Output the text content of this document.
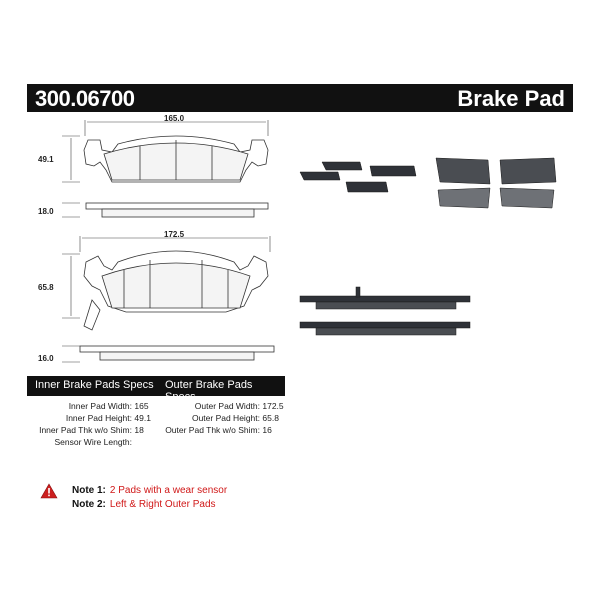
300.06700	Brake Pad
165.0
49.1
18.0
172.5
65.8
16.0
Inner Brake Pads Specs Outer Brake Pads Specs
Inner Pad Width: 165
Inner Pad Height: 49.1
Inner Pad Thk w/o Shim: 18
Sensor Wire Length:
Outer Pad Width: 172.5
Outer Pad Height: 65.8
Outer Pad Thk w/o Shim: 16
Note 1: 2 Pads with a wear sensor
Note 2: Left & Right Outer Pads
